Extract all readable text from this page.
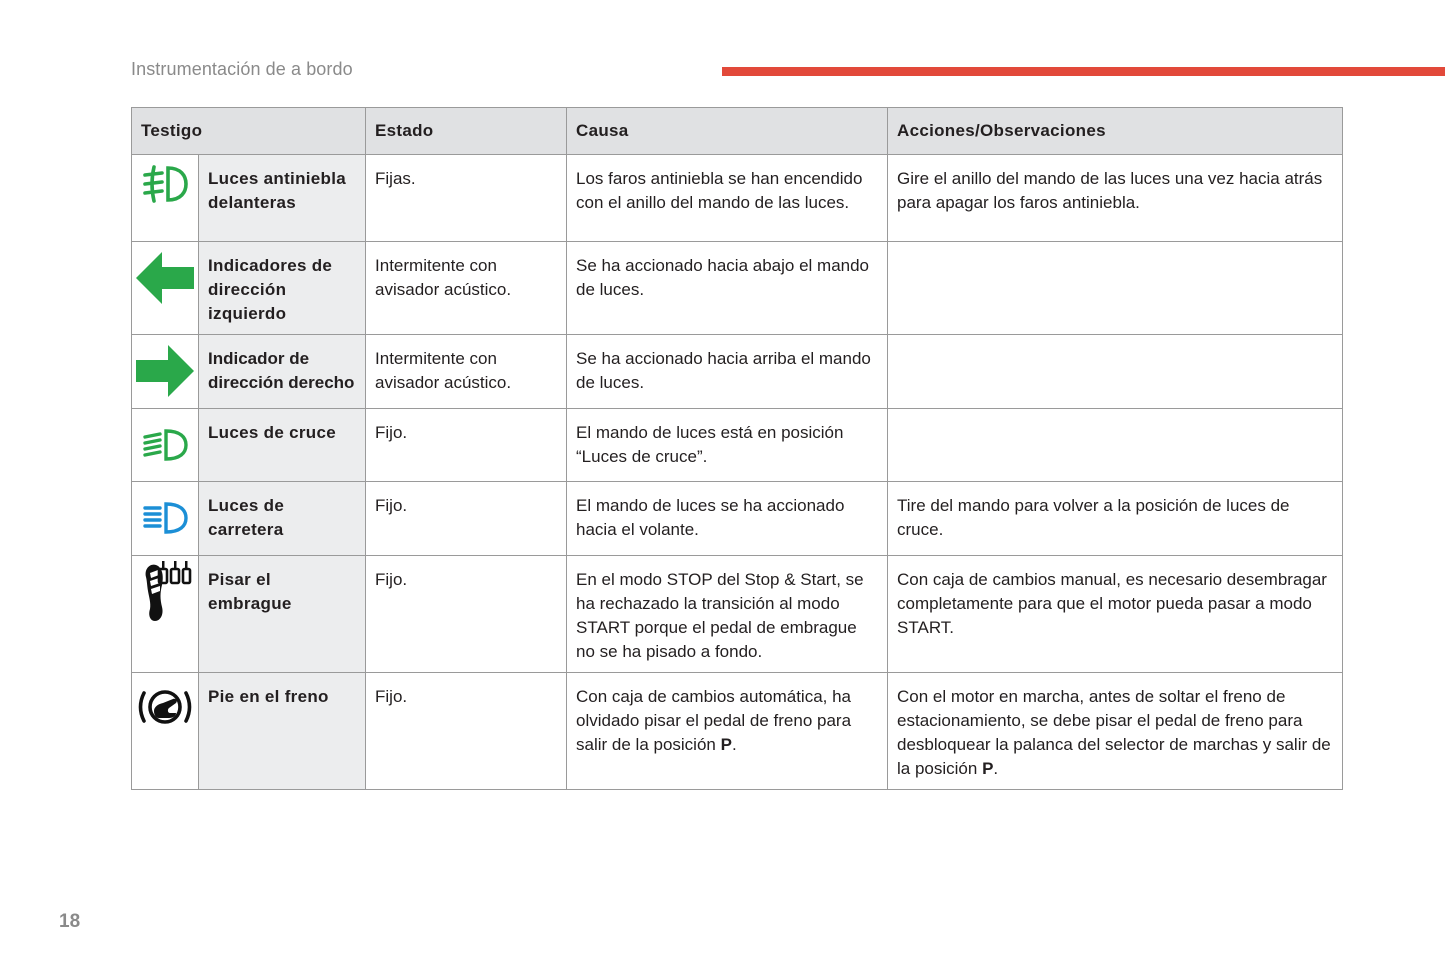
Instrumentación de a bordo
Testigo		Estado	Causa	Acciones/Observaciones

Luces antiniebla delanteras	Fijas.	Los faros antiniebla se han encendido con el anillo del mando de las luces.	Gire el anillo del mando de las luces una vez hacia atrás para apagar los faros antiniebla.

Indicadores de dirección izquierdo	Intermitente con avisador acústico.	Se ha accionado hacia abajo el mando de luces.	

Indicador de dirección derecho	Intermitente con avisador acústico.	Se ha accionado hacia arriba el mando de luces.	

Luces de cruce	Fijo.	El mando de luces está en posición “Luces de cruce”.	

Luces de carretera	Fijo.	El mando de luces se ha accionado hacia el volante.	Tire del mando para volver a la posición de luces de cruce.

Pisar el embrague	Fijo.	En el modo STOP del Stop & Start, se ha rechazado la transición al modo START porque el pedal de embrague no se ha pisado a fondo.	Con caja de cambios manual, es necesario desembragar completamente para que el motor pueda pasar a modo START.

Pie en el freno	Fijo.	Con caja de cambios automática, ha olvidado pisar el pedal de freno para salir de la posición P.	Con el motor en marcha, antes de soltar el freno de estacionamiento, se debe pisar el pedal de freno para desbloquear la palanca del selector de marchas y salir de la posición P.
18
